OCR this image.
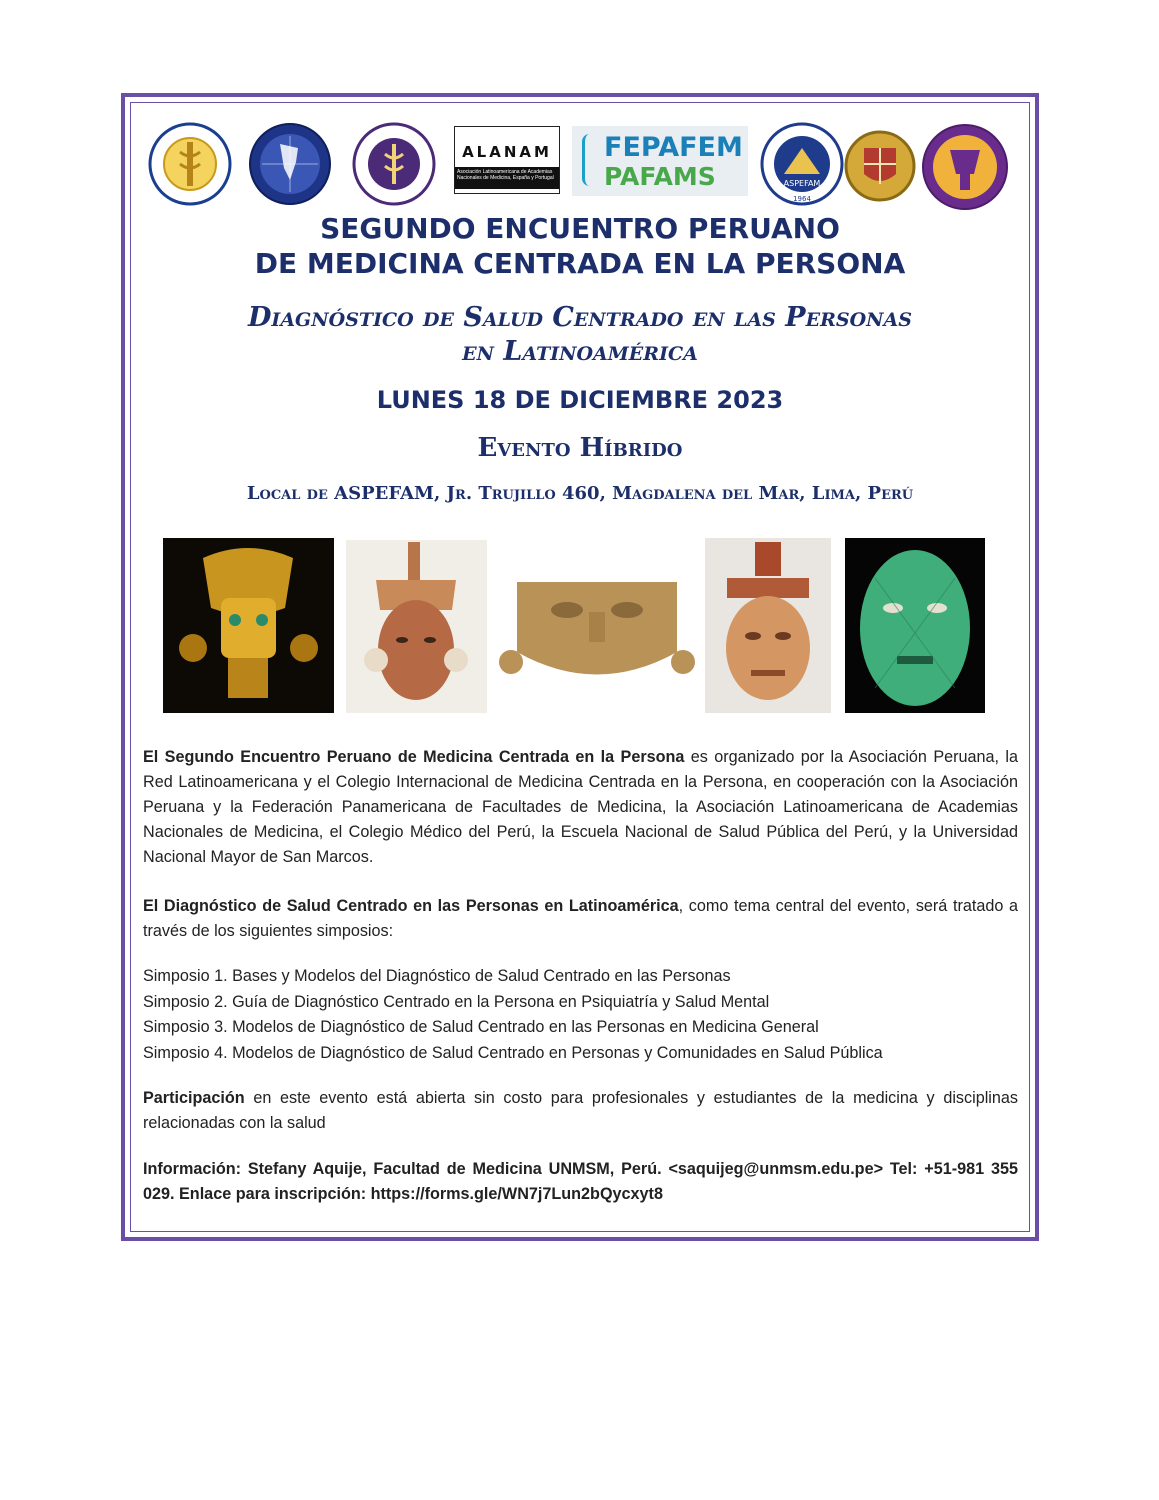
ALANAM
Asociación Latinoamericana de Academias Nacionales de Medicina, España y Portugal
FEPAFEM
PAFAMS	ASPEFAM
1964
SEGUNDO ENCUENTRO PERUANO
DE MEDICINA CENTRADA EN LA PERSONA
Diagnóstico de Salud Centrado en las Personas
en Latinoamérica
LUNES 18 DE DICIEMBRE 2023
Evento Híbrido
Local de ASPEFAM, Jr. Trujillo 460, Magdalena del Mar, Lima, Perú
El Segundo Encuentro Peruano de Medicina Centrada en la Persona es organizado por la Asociación Peruana, la Red Latinoamericana y el Colegio Internacional de Medicina Centrada en la Persona, en cooperación con la Asociación Peruana y la Federación Panamericana de Facultades de Medicina, la Asociación Latinoamericana de Academias Nacionales de Medicina, el Colegio Médico del Perú, la Escuela Nacional de Salud Pública del Perú, y la Universidad Nacional Mayor de San Marcos.
El Diagnóstico de Salud Centrado en las Personas en Latinoamérica, como tema central del evento, será tratado a través de los siguientes simposios:
Simposio 1. Bases y Modelos del Diagnóstico de Salud Centrado en las Personas
Simposio 2. Guía de Diagnóstico Centrado en la Persona en Psiquiatría y Salud Mental
Simposio 3. Modelos de Diagnóstico de Salud Centrado en las Personas en Medicina General
Simposio 4. Modelos de Diagnóstico de Salud Centrado en Personas y Comunidades en Salud Pública
Participación en este evento está abierta sin costo para profesionales y estudiantes de la medicina y disciplinas relacionadas con la salud
Información: Stefany Aquije, Facultad de Medicina UNMSM, Perú. <saquijeg@unmsm.edu.pe> Tel: +51-981 355 029. Enlace para inscripción: https://forms.gle/WN7j7Lun2bQycxyt8
